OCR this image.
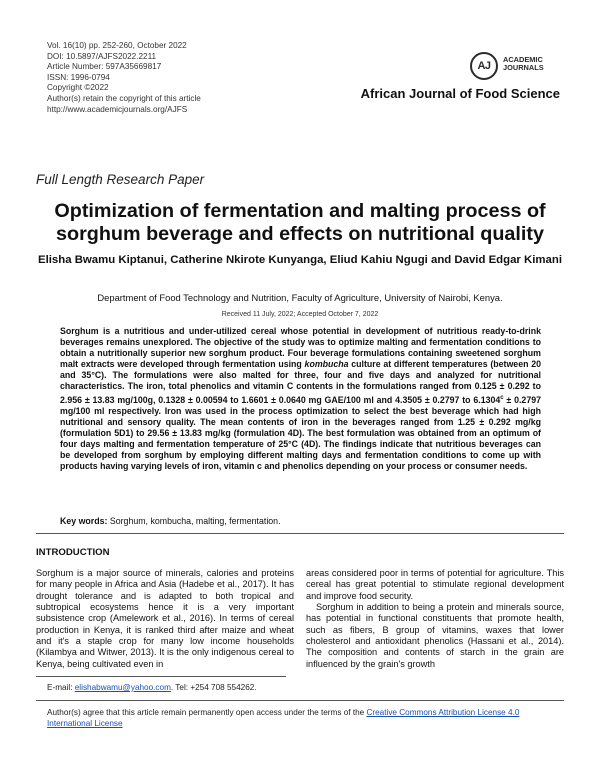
Vol. 16(10) pp. 252-260, October 2022
DOI: 10.5897/AJFS2022.2211
Article Number: 597A35669817
ISSN: 1996-0794
Copyright ©2022
Author(s) retain the copyright of this article
http://www.academicjournals.org/AJFS
AJ
ACADEMIC
JOURNALS
African Journal of Food Science
Full Length Research Paper
Optimization of fermentation and malting process of sorghum beverage and effects on nutritional quality
Elisha Bwamu Kiptanui, Catherine Nkirote Kunyanga, Eliud Kahiu Ngugi and David Edgar Kimani
Department of Food Technology and Nutrition, Faculty of Agriculture, University of Nairobi, Kenya.
Received 11 July, 2022; Accepted October 7, 2022
Sorghum is a nutritious and under-utilized cereal whose potential in development of nutritious ready-to-drink beverages remains unexplored. The objective of the study was to optimize malting and fermentation conditions to obtain a nutritionally superior new sorghum product. Four beverage formulations containing sweetened sorghum malt extracts were developed through fermentation using kombucha culture at different temperatures (between 20 and 35°C). The formulations were also malted for three, four and five days and analyzed for nutritional characteristics. The iron, total phenolics and vitamin C contents in the formulations ranged from 0.125 ± 0.292 to 2.956 ± 13.83 mg/100g, 0.1328 ± 0.00594 to 1.6601 ± 0.0640 mg GAE/100 ml and 4.3505 ± 0.2797 to 6.1304$^c$ ± 0.2797 mg/100 ml respectively. Iron was used in the process optimization to select the best beverage which had high nutritional and sensory quality. The mean contents of iron in the beverages ranged from 1.25 ± 0.292 mg/kg (formulation 5D1) to 29.56 ± 13.83 mg/kg (formulation 4D). The best formulation was obtained from an optimum of four days malting and fermentation temperature of 25°C (4D). The findings indicate that nutritious beverages can be developed from sorghum by employing different malting days and fermentation conditions to come up with products having varying levels of iron, vitamin c and phenolics depending on your process or consumer needs.
Key words: Sorghum, kombucha, malting, fermentation.
INTRODUCTION

Sorghum is a major source of minerals, calories and proteins for many people in Africa and Asia (Hadebe et al., 2017). It has drought tolerance and is adapted to both tropical and subtropical ecosystems hence it is a very important subsistence crop (Amelework et al., 2016). In terms of cereal production in Kenya, it is ranked third after maize and wheat and it's a staple crop for many low income households (Kilambya and Witwer, 2013). It is the only indigenous cereal to Kenya, being cultivated even in

areas considered poor in terms of potential for agriculture. This cereal has great potential to stimulate regional development and improve food security.

Sorghum in addition to being a protein and minerals source, has potential in functional constituents that promote health, such as fibers, B group of vitamins, waxes that lower cholesterol and antioxidant phenolics (Hassani et al., 2014). The composition and contents of starch in the grain are influenced by the grain's growth

E-mail: elishabwamu@yahoo.com. Tel: +254 708 554262.
Author(s) agree that this article remain permanently open access under the terms of the Creative Commons Attribution License 4.0 International License
